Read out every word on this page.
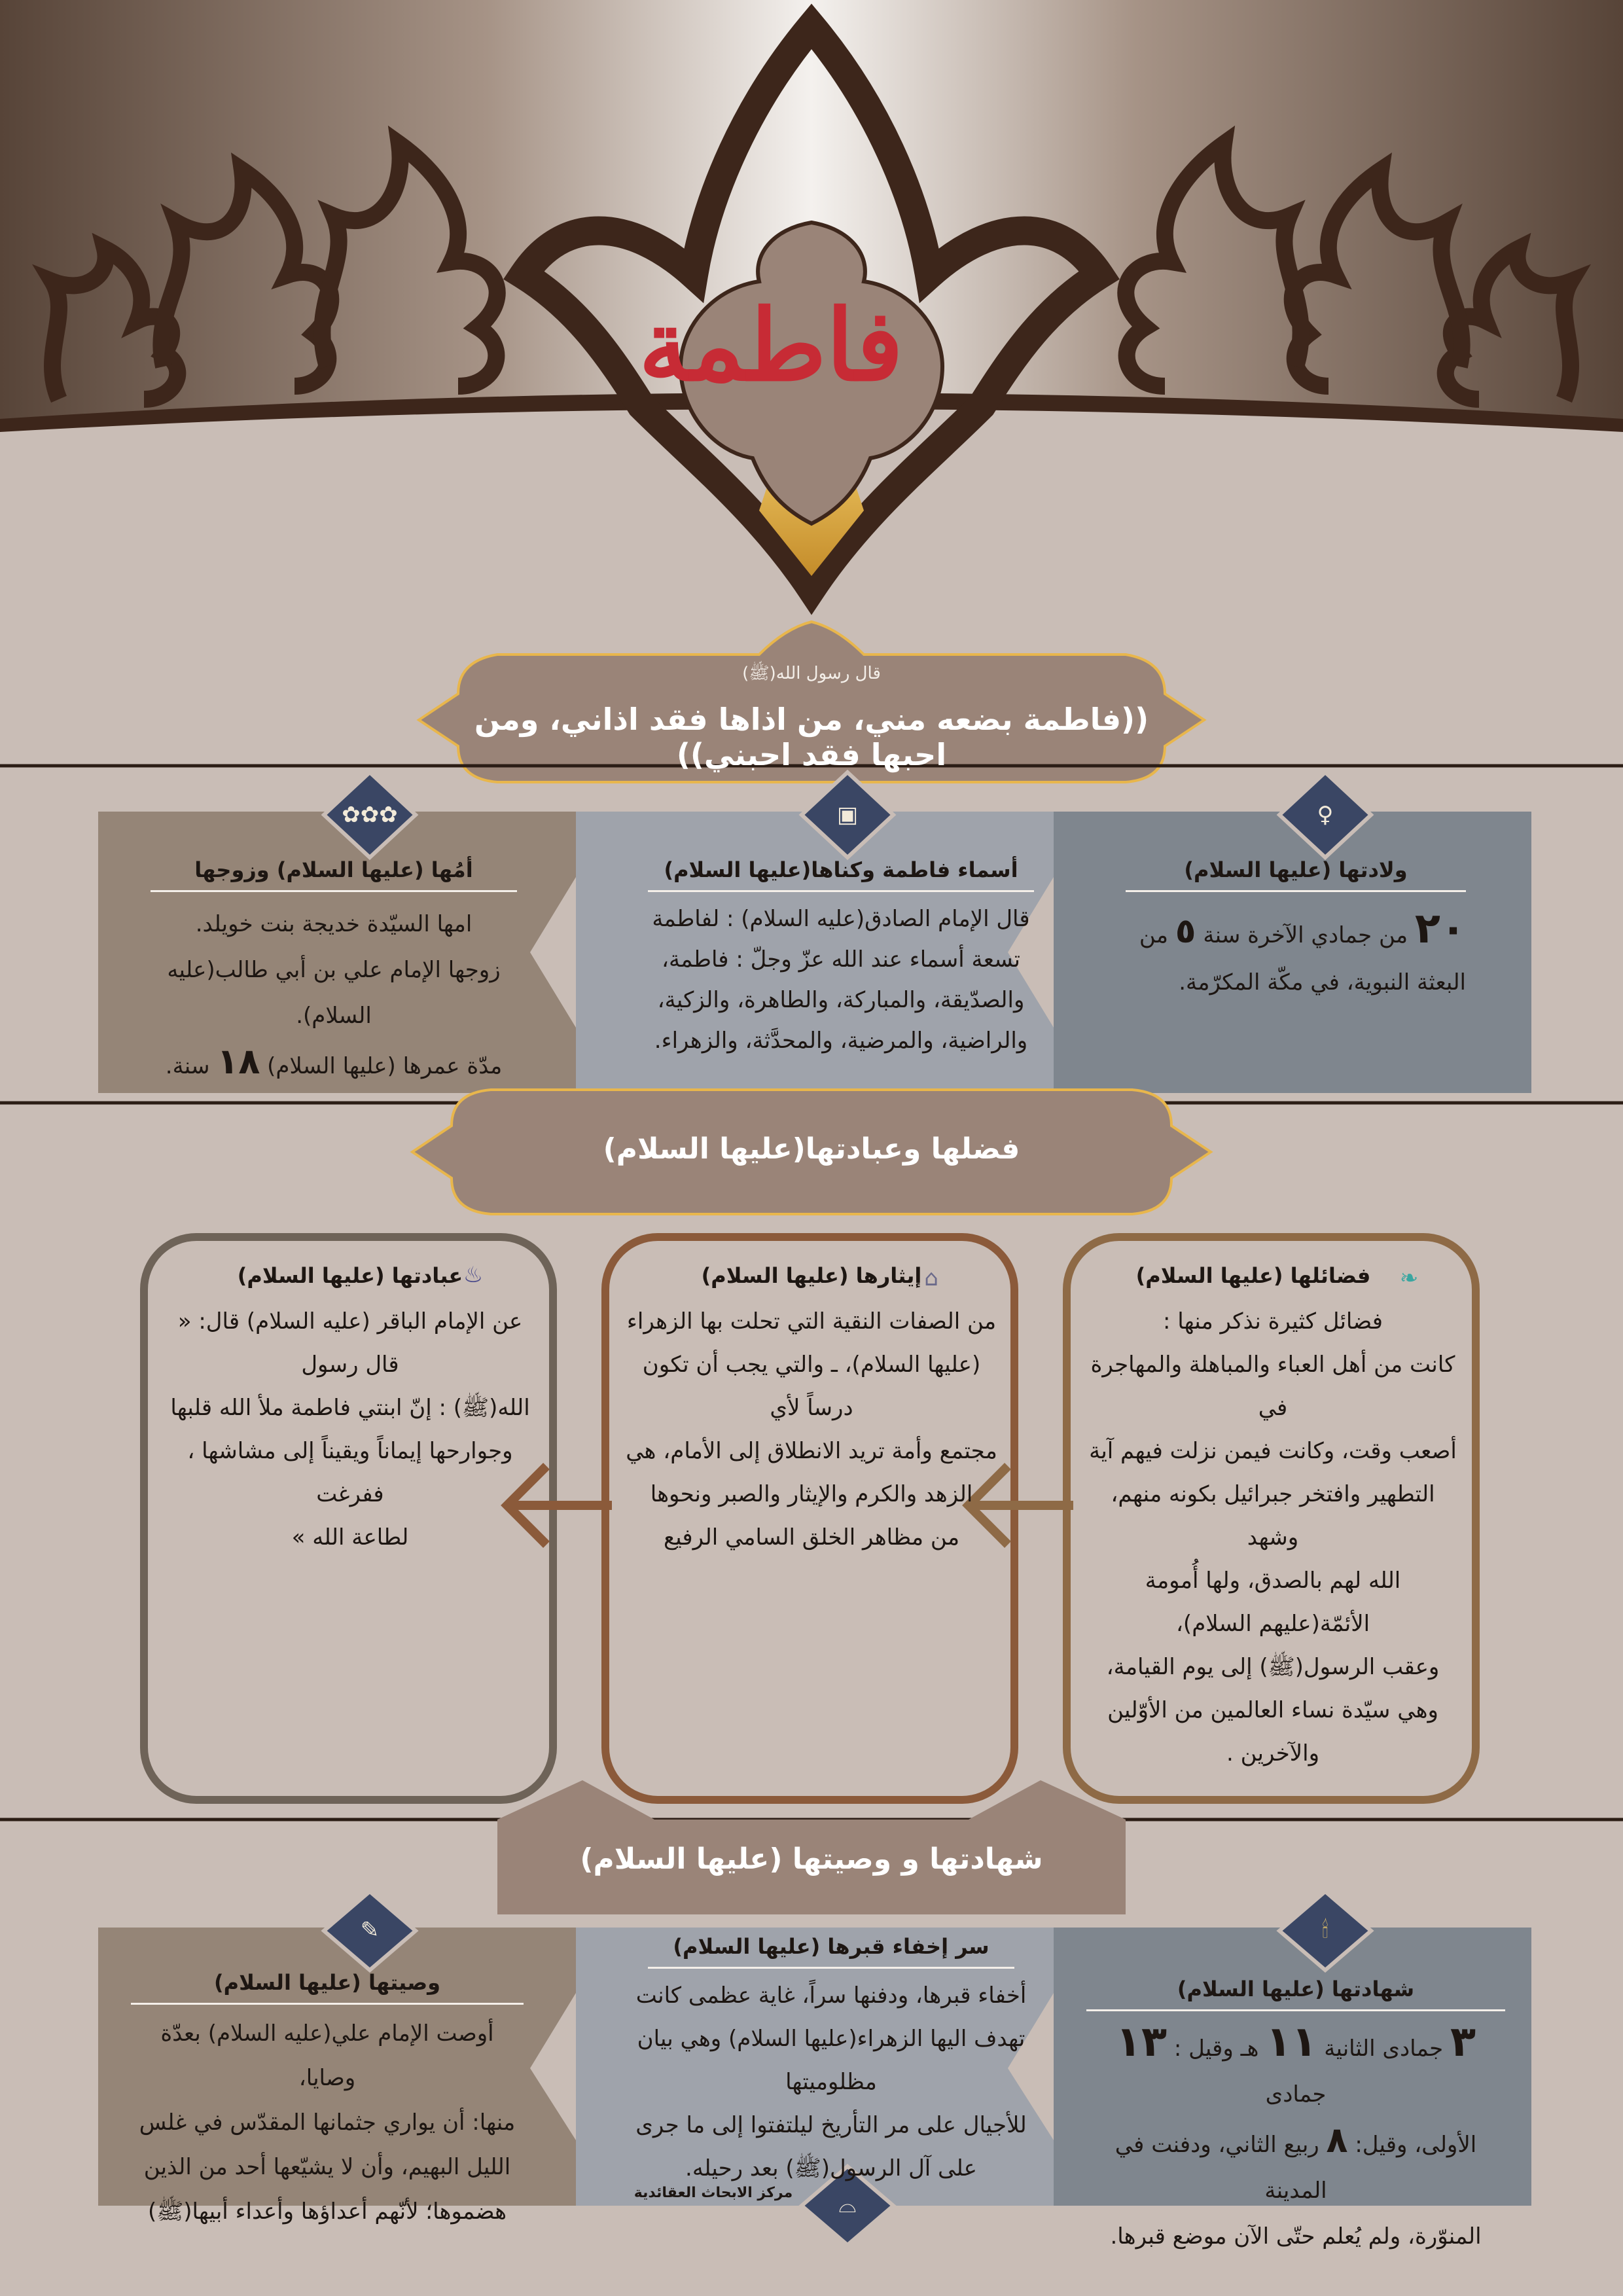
فاطمة
قال رسول الله(ﷺ)
((فاطمة بضعه مني، من اذاها فقد اذاني، ومن احبها فقد احبني))
♀
▣
✿✿✿
ولادتها (عليها السلام)
٢٠ من جمادي الآخرة سنة ٥ من البعثة النبوية، في مكّة المكرّمة.
أسماء فاطمة وكناها(عليها السلام)
قال الإمام الصادق(عليه السلام) : لفاطمة
تسعة أسماء عند الله عزّ وجلّ : فاطمة،
والصدّيقة، والمباركة، والطاهرة، والزكية،
والراضية، والمرضية، والمحدَّثة، والزهراء.
أمُها (عليها السلام) وزوجها
امها السيّدة خديجة بنت خويلد.
زوجها الإمام علي بن أبي طالب(عليه السلام).
مدّة عمرها (عليها السلام) ١٨ سنة.
فضلها وعبادتها(عليها السلام)
❧
⌂
♨	فضائلها (عليها السلام)
فضائل كثيرة نذكر منها :
كانت من أهل العباء والمباهلة والمهاجرة في
أصعب وقت، وكانت فيمن نزلت فيهم آية
التطهير وافتخر جبرائيل بكونه منهم، وشهد
الله لهم بالصدق، ولها أُمومة الأئمّة(عليهم السلام)،
وعقب الرسول(ﷺ) إلى يوم القيامة،
وهي سيّدة نساء العالمين من الأوّلين
والآخرين .
إيثارها (عليها السلام)
من الصفات النقية التي تحلت بها الزهراء
(عليها السلام)، ـ والتي يجب أن تكون درساً لأي
مجتمع وأمة تريد الانطلاق إلى الأمام، هي
الزهد والكرم والإيثار والصبر ونحوها
من مظاهر الخلق السامي الرفيع
عبادتها (عليها السلام)
عن الإمام الباقر (عليه السلام) قال: « قال رسول
الله(ﷺ) : إنّ ابنتي فاطمة ملأ الله قلبها
وجوارحها إيماناً ويقيناً إلى مشاشها ، ففرغت
لطاعة الله »
شهادتها و وصيتها (عليها السلام)
🕯
✎
⌓
شهادتها (عليها السلام)
٣ جمادى الثانية ١١ هـ وقيل : ١٣ جمادى
الأولى، وقيل: ٨ ربيع الثاني، ودفنت في المدينة
المنوّرة، ولم يُعلم حتّى الآن موضع قبرها.
سر إخفاء قبرها (عليها السلام)
أخفاء قبرها، ودفنها سراً، غاية عظمى كانت
تهدف اليها الزهراء(عليها السلام) وهي بيان مظلوميتها
للأجيال على مر التأريخ ليلتفتوا إلى ما جرى
على آل الرسول(ﷺ) بعد رحيله.
مركز الابحاث العقائدية
وصيتها (عليها السلام)
أوصت الإمام علي(عليه السلام) بعدّة وصايا،
منها: أن يواري جثمانها المقدّس في غلس
الليل البهيم، وأن لا يشيّعها أحد من الذين
هضموها؛ لأنّهم أعداؤها وأعداء أبيها(ﷺ)
